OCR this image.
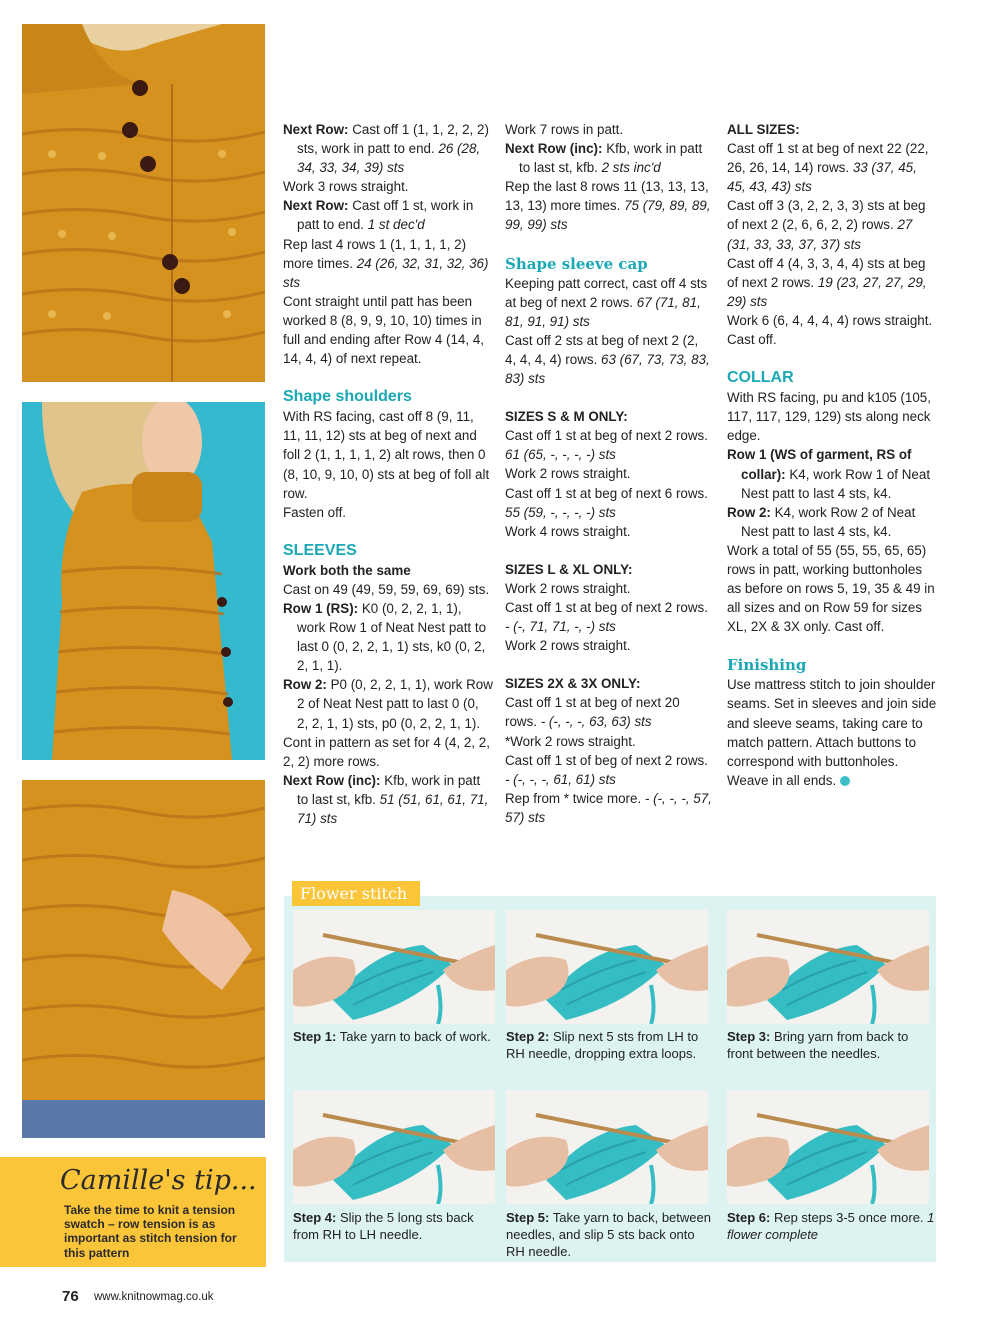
Next Row: Cast off 1 (1, 1, 2, 2, 2) sts, work in patt to end. 26 (28, 34, 33, 34, 39) sts

Work 3 rows straight.

Next Row: Cast off 1 st, work in patt to end. 1 st dec'd

Rep last 4 rows 1 (1, 1, 1, 1, 2) more times. 24 (26, 32, 31, 32, 36) sts

Cont straight until patt has been worked 8 (8, 9, 9, 10, 10) times in full and ending after Row 4 (14, 4, 14, 4, 4) of next repeat.

Shape shoulders

With RS facing, cast off 8 (9, 11, 11, 11, 12) sts at beg of next and foll 2 (1, 1, 1, 1, 2) alt rows, then 0 (8, 10, 9, 10, 0) sts at beg of foll alt row.

Fasten off.

SLEEVES

Work both the same

Cast on 49 (49, 59, 59, 69, 69) sts.

Row 1 (RS): K0 (0, 2, 2, 1, 1), work Row 1 of Neat Nest patt to last 0 (0, 2, 2, 1, 1) sts, k0 (0, 2, 2, 1, 1).

Row 2: P0 (0, 2, 2, 1, 1), work Row 2 of Neat Nest patt to last 0 (0, 2, 2, 1, 1) sts, p0 (0, 2, 2, 1, 1).

Cont in pattern as set for 4 (4, 2, 2, 2, 2) more rows.

Next Row (inc): Kfb, work in patt to last st, kfb. 51 (51, 61, 61, 71, 71) sts

Work 7 rows in patt.

Next Row (inc): Kfb, work in patt to last st, kfb. 2 sts inc'd

Rep the last 8 rows 11 (13, 13, 13, 13, 13) more times. 75 (79, 89, 89, 99, 99) sts

Shape sleeve cap

Keeping patt correct, cast off 4 sts at beg of next 2 rows. 67 (71, 81, 81, 91, 91) sts

Cast off 2 sts at beg of next 2 (2, 4, 4, 4, 4) rows. 63 (67, 73, 73, 83, 83) sts

SIZES S & M ONLY:

Cast off 1 st at beg of next 2 rows. 61 (65, -, -, -, -) sts

Work 2 rows straight.

Cast off 1 st at beg of next 6 rows. 55 (59, -, -, -, -) sts

Work 4 rows straight.

SIZES L & XL ONLY:

Work 2 rows straight.

Cast off 1 st at beg of next 2 rows. - (-, 71, 71, -, -) sts

Work 2 rows straight.

SIZES 2X & 3X ONLY:

Cast off 1 st at beg of next 20 rows. - (-, -, -, 63, 63) sts

*Work 2 rows straight.

Cast off 1 st of beg of next 2 rows. - (-, -, -, 61, 61) sts

Rep from * twice more. - (-, -, -, 57, 57) sts

ALL SIZES:

Cast off 1 st at beg of next 22 (22, 26, 26, 14, 14) rows. 33 (37, 45, 45, 43, 43) sts

Cast off 3 (3, 2, 2, 3, 3) sts at beg of next 2 (2, 6, 6, 2, 2) rows. 27 (31, 33, 33, 37, 37) sts

Cast off 4 (4, 3, 3, 4, 4) sts at beg of next 2 rows. 19 (23, 27, 27, 29, 29) sts

Work 6 (6, 4, 4, 4, 4) rows straight.

Cast off.

COLLAR

With RS facing, pu and k105 (105, 117, 117, 129, 129) sts along neck edge.

Row 1 (WS of garment, RS of collar): K4, work Row 1 of Neat Nest patt to last 4 sts, k4.

Row 2: K4, work Row 2 of Neat Nest patt to last 4 sts, k4.

Work a total of 55 (55, 55, 65, 65) rows in patt, working buttonholes as before on rows 5, 19, 35 & 49 in all sizes and on Row 59 for sizes XL, 2X & 3X only. Cast off.

Finishing

Use mattress stitch to join shoulder seams. Set in sleeves and join side and sleeve seams, taking care to match pattern. Attach buttons to correspond with buttonholes. Weave in all ends.

Camille's tip...
Take the time to knit a tension swatch – row tension is as important as stitch tension for this pattern
Flower stitch
Step 1: Take yarn to back of work.	Step 2: Slip next 5 sts from LH to RH needle, dropping extra loops.
Step 3: Bring yarn from back to front between the needles.
Step 4: Slip the 5 long sts back from RH to LH needle.
Step 5: Take yarn to back, between needles, and slip 5 sts back onto RH needle.
Step 6: Rep steps 3-5 once more. 1 flower complete
76 www.knitnowmag.co.uk
